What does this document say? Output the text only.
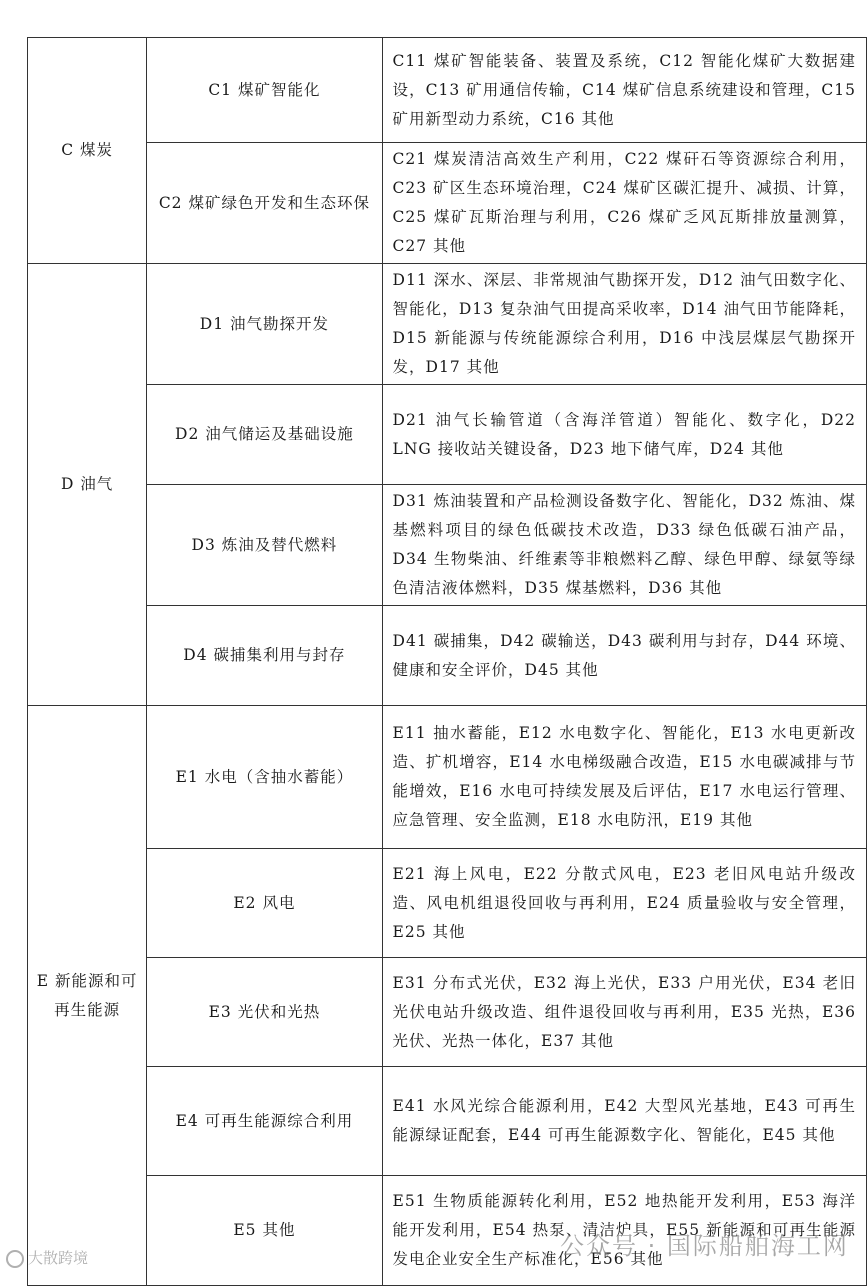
C 煤炭	C1 煤矿智能化	C11 煤矿智能装备、装置及系统，C12 智能化煤矿大数据建设，C13 矿用通信传输，C14 煤矿信息系统建设和管理，C15 矿用新型动力系统，C16 其他
	C2 煤矿绿色开发和生态环保	C21 煤炭清洁高效生产利用，C22 煤矸石等资源综合利用，C23 矿区生态环境治理，C24 煤矿区碳汇提升、减损、计算，C25 煤矿瓦斯治理与利用，C26 煤矿乏风瓦斯排放量测算，C27 其他
D 油气	D1 油气勘探开发	D11 深水、深层、非常规油气勘探开发，D12 油气田数字化、智能化，D13 复杂油气田提高采收率，D14 油气田节能降耗，D15 新能源与传统能源综合利用，D16 中浅层煤层气勘探开发，D17 其他
	D2 油气储运及基础设施	D21 油气长输管道（含海洋管道）智能化、数字化，D22 LNG 接收站关键设备，D23 地下储气库，D24 其他
	D3 炼油及替代燃料	D31 炼油装置和产品检测设备数字化、智能化，D32 炼油、煤基燃料项目的绿色低碳技术改造，D33 绿色低碳石油产品，D34 生物柴油、纤维素等非粮燃料乙醇、绿色甲醇、绿氨等绿色清洁液体燃料，D35 煤基燃料，D36 其他
	D4 碳捕集利用与封存	D41 碳捕集，D42 碳输送，D43 碳利用与封存，D44 环境、健康和安全评价，D45 其他
E 新能源和可再生能源	E1 水电（含抽水蓄能）	E11 抽水蓄能，E12 水电数字化、智能化，E13 水电更新改造、扩机增容，E14 水电梯级融合改造，E15 水电碳减排与节能增效，E16 水电可持续发展及后评估，E17 水电运行管理、应急管理、安全监测，E18 水电防汛，E19 其他
	E2 风电	E21 海上风电，E22 分散式风电，E23 老旧风电站升级改造、风电机组退役回收与再利用，E24 质量验收与安全管理，E25 其他
	E3 光伏和光热	E31 分布式光伏，E32 海上光伏，E33 户用光伏，E34 老旧光伏电站升级改造、组件退役回收与再利用，E35 光热，E36 光伏、光热一体化，E37 其他
	E4 可再生能源综合利用	E41 水风光综合能源利用，E42 大型风光基地，E43 可再生能源绿证配套，E44 可再生能源数字化、智能化，E45 其他
	E5 其他	E51 生物质能源转化利用，E52 地热能开发利用，E53 海洋能开发利用，E54 热泵、清洁炉具，E55 新能源和可再生能源发电企业安全生产标准化，E56 其他
大散跨境	公众号 · 国际船舶海工网
